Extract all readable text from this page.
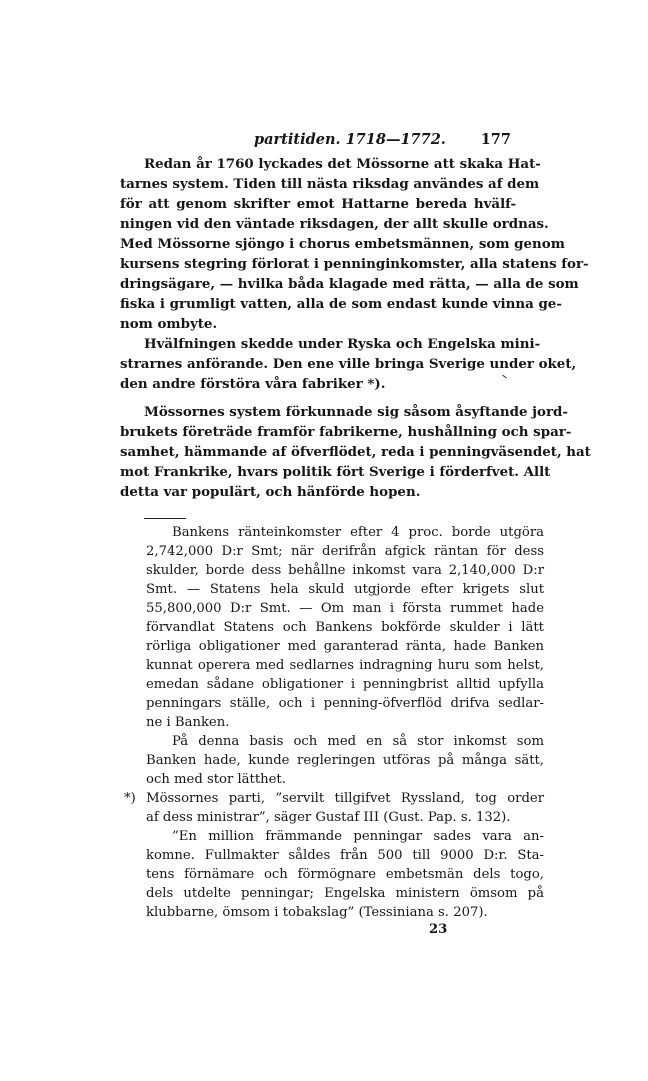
partitiden. 1718—1772. 177
Redan år 1760 lyckades det Mössorne att skaka Hat-
tarnes system. Tiden till nästa riksdag användes af dem
för att genom skrifter emot Hattarne bereda hvälf-
ningen vid den väntade riksdagen, der allt skulle ordnas.
Med Mössorne sjöngo i chorus embetsmännen, som genom
kursens stegring förlorat i penninginkomster, alla statens for-
dringsägare, — hvilka båda klagade med rätta, — alla de som
fiska i grumligt vatten, alla de som endast kunde vinna ge-
nom ombyte.
Hvälfningen skedde under Ryska och Engelska mini-
strarnes anförande. Den ene ville bringa Sverige under oket,
den andre förstöra våra fabriker *).
Mössornes system förkunnade sig såsom åsyftande jord-
brukets företräde framför fabrikerne, hushållning och spar-
samhet, hämmande af öfverflödet, reda i penningväsendet, hat
mot Frankrike, hvars politik fört Sverige i förderfvet. Allt
detta var populärt, och hänförde hopen.
Bankens ränteinkomster efter 4 proc. borde utgöra
2,742,000 D:r Smt; när derifrån afgick räntan för dess
skulder, borde dess behållne inkomst vara 2,140,000 D:r
Smt. — Statens hela skuld utgjorde efter krigets slut
55,800,000 D:r Smt. — Om man i första rummet hade
förvandlat Statens och Bankens bokförde skulder i lätt
rörliga obligationer med garanterad ränta, hade Banken
kunnat operera med sedlarnes indragning huru som helst,
emedan sådane obligationer i penningbrist alltid upfylla
penningars ställe, och i penning-öfverflöd drifva sedlar-
ne i Banken.
På denna basis och med en så stor inkomst som
Banken hade, kunde regleringen utföras på många sätt,
och med stor lätthet.
*) Mössornes parti, ”servilt tillgifvet Ryssland, tog order
af dess ministrar”, säger Gustaf III (Gust. Pap. s. 132).
”En million främmande penningar sades vara an-
komne. Fullmakter såldes från 500 till 9000 D:r. Sta-
tens förnämare och förmögnare embetsmän dels togo,
dels utdelte penningar; Engelska ministern ömsom på
klubbarne, ömsom i tobakslag” (Tessiniana s. 207).
23
